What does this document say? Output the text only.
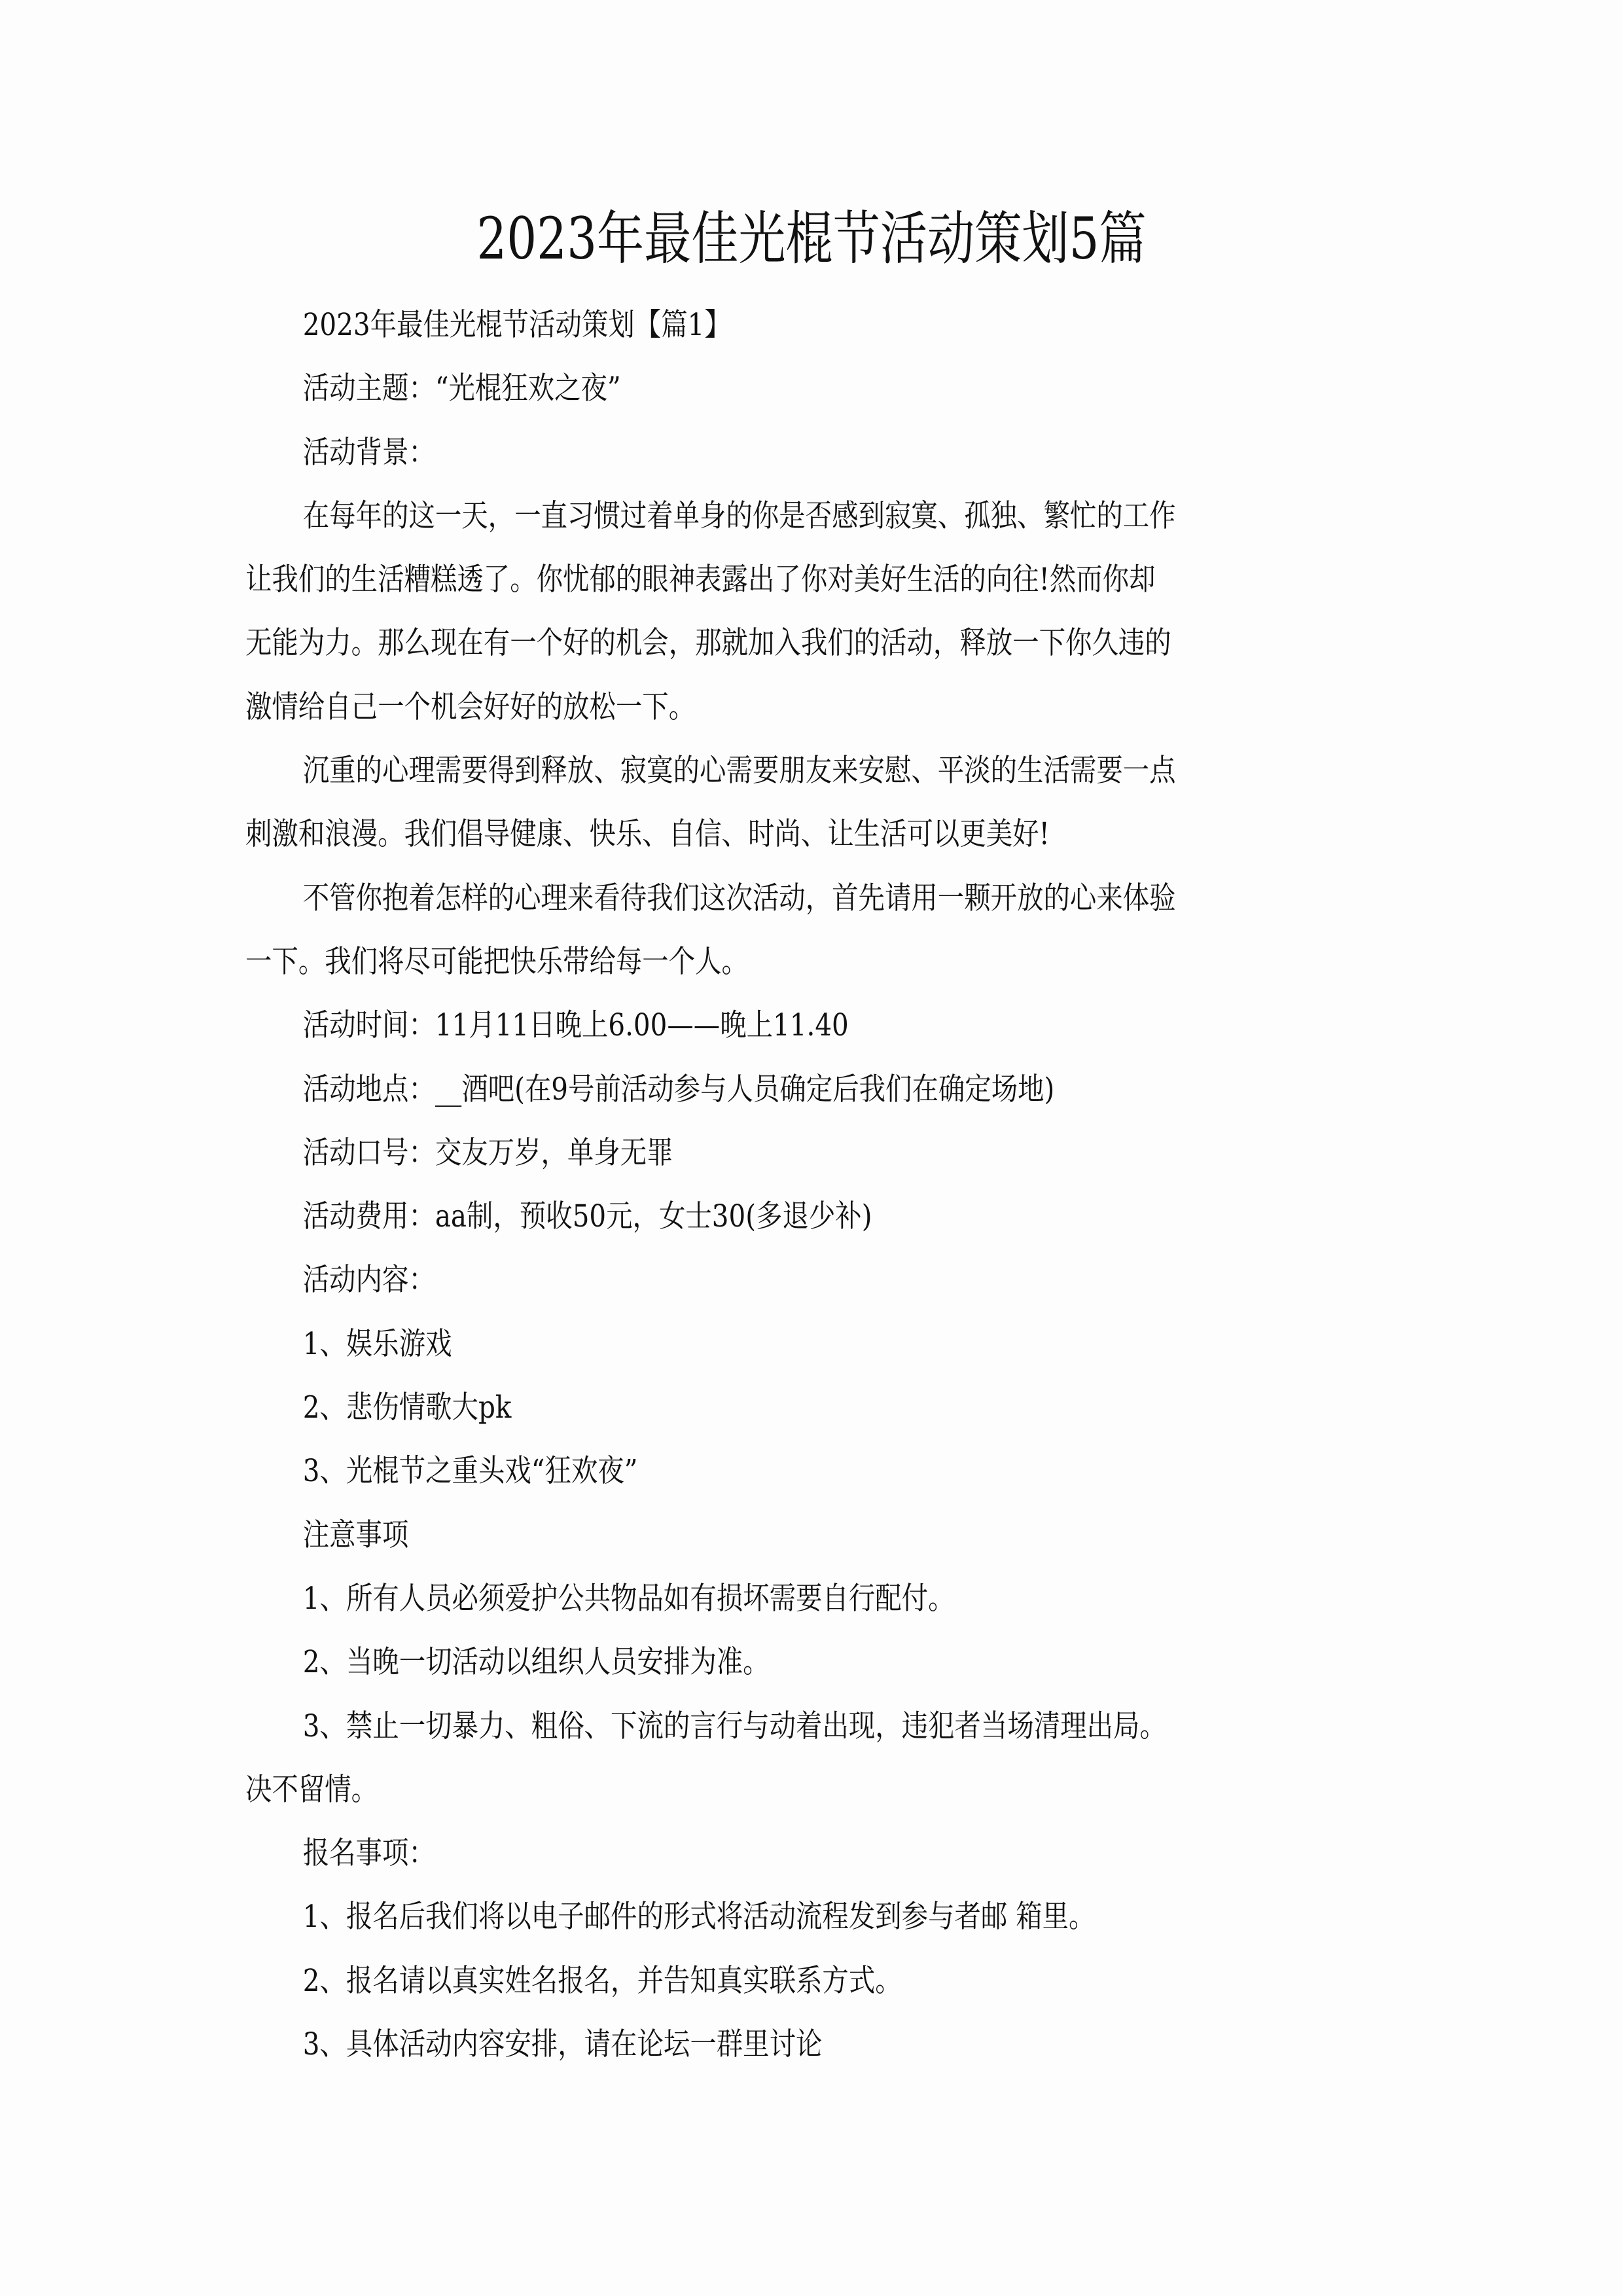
2023年最佳光棍节活动策划5篇
2023年最佳光棍节活动策划【篇1】
活动主题：“光棍狂欢之夜”
活动背景：
在每年的这一天，一直习惯过着单身的你是否感到寂寞、孤独、繁忙的工作
让我们的生活糟糕透了。你忧郁的眼神表露出了你对美好生活的向往!然而你却
无能为力。那么现在有一个好的机会，那就加入我们的活动，释放一下你久违的
激情给自己一个机会好好的放松一下。
沉重的心理需要得到释放、寂寞的心需要朋友来安慰、平淡的生活需要一点
刺激和浪漫。我们倡导健康、快乐、自信、时尚、让生活可以更美好!
不管你抱着怎样的心理来看待我们这次活动，首先请用一颗开放的心来体验
一下。我们将尽可能把快乐带给每一个人。
活动时间：11月11日晚上6.00——晚上11.40
活动地点：__酒吧(在9号前活动参与人员确定后我们在确定场地)
活动口号：交友万岁，单身无罪
活动费用：aa制，预收50元，女士30(多退少补)
活动内容：
1、娱乐游戏
2、悲伤情歌大pk
3、光棍节之重头戏“狂欢夜”
注意事项
1、所有人员必须爱护公共物品如有损坏需要自行配付。
2、当晚一切活动以组织人员安排为准。
3、禁止一切暴力、粗俗、下流的言行与动着出现，违犯者当场清理出局。
决不留情。
报名事项：
1、报名后我们将以电子邮件的形式将活动流程发到参与者邮 箱里。
2、报名请以真实姓名报名，并告知真实联系方式。
3、具体活动内容安排，请在论坛一群里讨论
